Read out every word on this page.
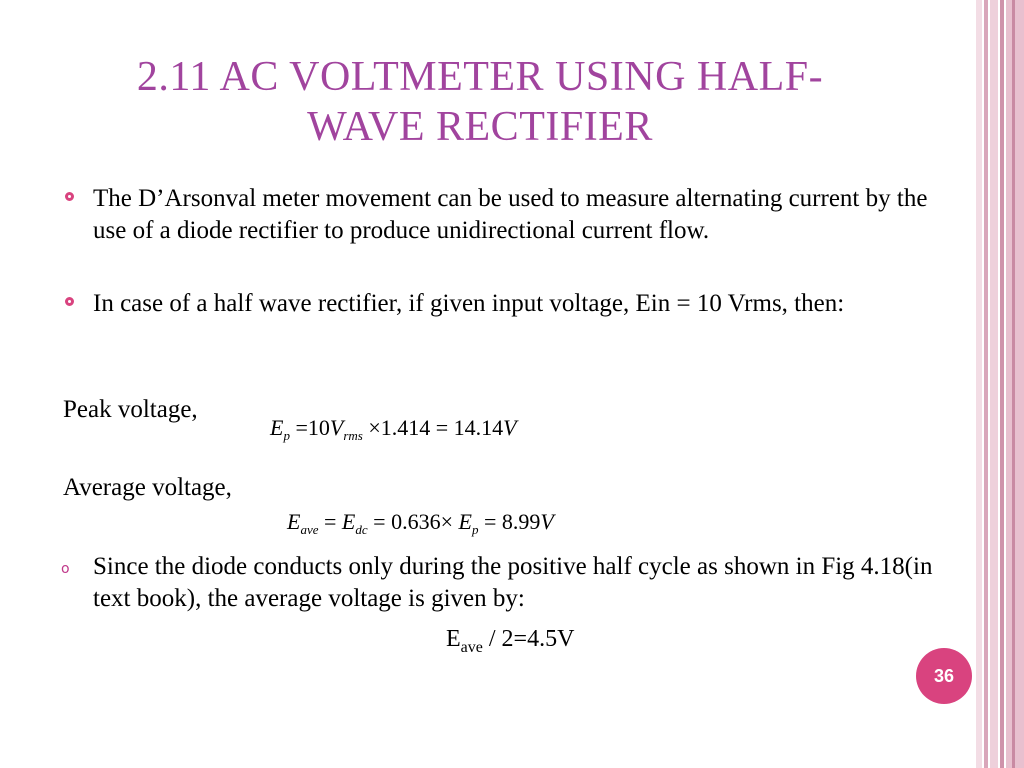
2.11 AC VOLTMETER USING HALF-
WAVE RECTIFIER
The D’Arsonval meter movement can be used to measure alternating current by the use of a diode rectifier to produce unidirectional current flow.
In case of a half wave rectifier, if given input voltage, Ein = 10 Vrms, then:
Peak voltage,
$E_p =10V_{rms} \times 1.414 = 14.14V$
Average voltage,
$E_{ave} = E_{dc} = 0.636\times E_p = 8.99V$
o Since the diode conducts only during the positive half cycle as shown in Fig 4.18(in text book), the average voltage is given by:
$E_{ave} / 2=4.5V$
36
